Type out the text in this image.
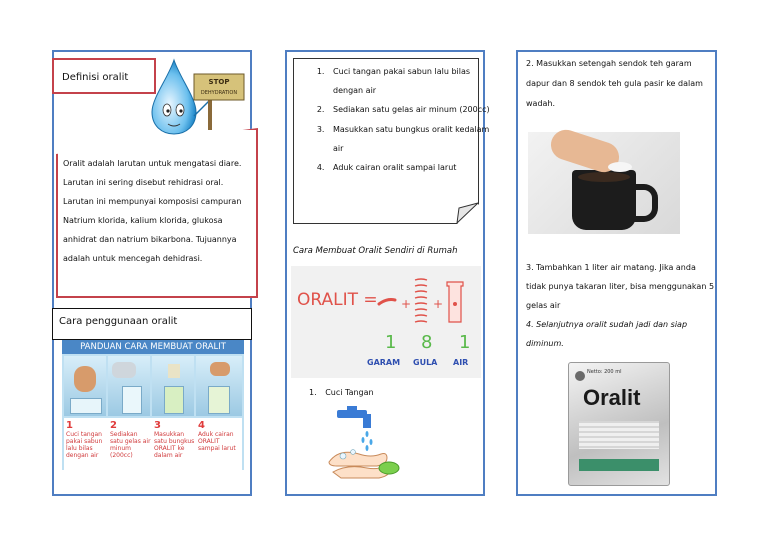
STOP
DEHYDRATION
Definisi oralit
Oralit adalah larutan untuk mengatasi diare. Larutan ini sering disebut rehidrasi oral. Larutan ini mempunyai komposisi campuran Natrium klorida, kalium klorida, glukosa anhidrat dan natrium bikarbona. Tujuannya adalah untuk mencegah dehidrasi.
Cara penggunaan oralit
PANDUAN CARA MEMBUAT ORALIT
1
Cuci tangan pakai sabun lalu bilas dengan air
2
Sediakan satu gelas air minum (200cc)
3
Masukkan satu bungkus ORALIT ke dalam air
4
Aduk cairan ORALIT sampai larut
1. Cuci tangan pakai sabun lalu bilas dengan air
2. Sediakan satu gelas air minum (200cc)
3. Masukkan satu bungkus oralit kedalam air
4. Aduk cairan oralit sampai larut
Cara Membuat Oralit Sendiri di Rumah
ORALIT = + +
1 8 1
GARAM GULA AIR
1. Cuci Tangan
2. Masukkan setengah sendok teh garam dapur dan 8 sendok teh gula pasir ke dalam wadah.
3. Tambahkan 1 liter air matang. Jika anda tidak punya takaran liter, bisa menggunakan 5 gelas air
4. Selanjutnya oralit sudah jadi dan siap diminum.
Netto: 200 ml
Oralit
